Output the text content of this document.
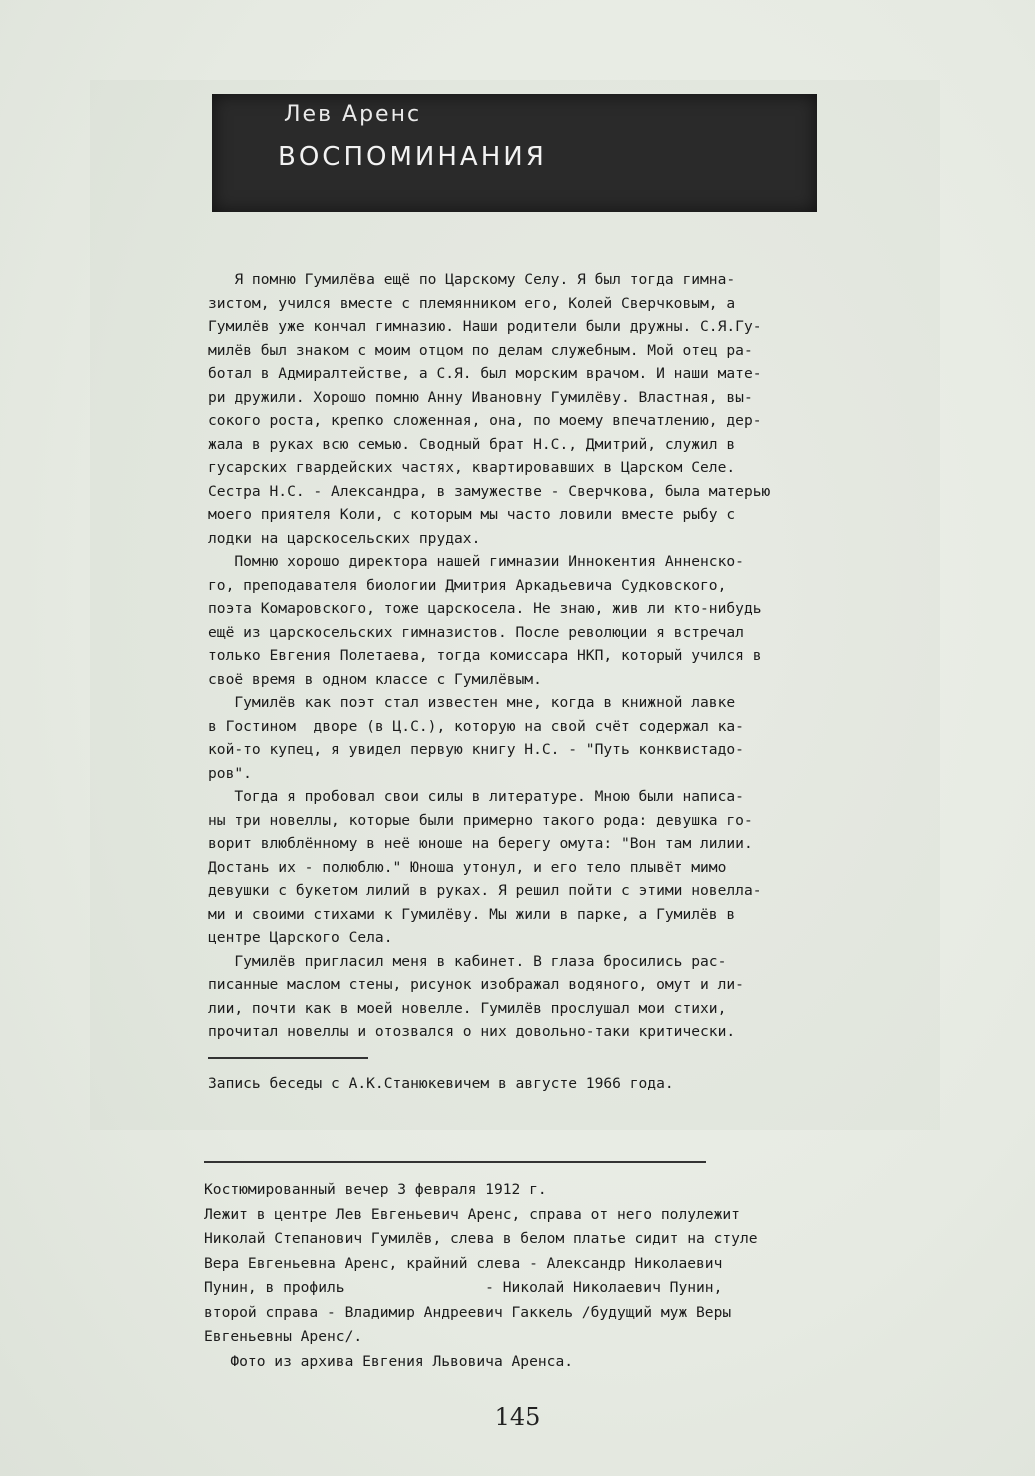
Лев Аренс
ВОСПОМИНАНИЯ
Я помню Гумилёва ещё по Царскому Селу. Я был тогда гимна-
зистом, учился вместе с племянником его, Колей Сверчковым, а
Гумилёв уже кончал гимназию. Наши родители были дружны. С.Я.Гу-
милёв был знаком с моим отцом по делам служебным. Мой отец ра-
ботал в Адмиралтействе, а С.Я. был морским врачом. И наши мате-
ри дружили. Хорошо помню Анну Ивановну Гумилёву. Властная, вы-
сокого роста, крепко сложенная, она, по моему впечатлению, дер-
жала в руках всю семью. Сводный брат Н.С., Дмитрий, служил в
гусарских гвардейских частях, квартировавших в Царском Селе.
Сестра Н.С. - Александра, в замужестве - Сверчкова, была матерью
моего приятеля Коли, с которым мы часто ловили вместе рыбу с
лодки на царскосельских прудах.
Помню хорошо директора нашей гимназии Иннокентия Анненско-
го, преподавателя биологии Дмитрия Аркадьевича Судковского,
поэта Комаровского, тоже царскосела. Не знаю, жив ли кто-нибудь
ещё из царскосельских гимназистов. После революции я встречал
только Евгения Полетаева, тогда комиссара НКП, который учился в
своё время в одном классе с Гумилёвым.
Гумилёв как поэт стал известен мне, когда в книжной лавке
в Гостином  дворе (в Ц.С.), которую на свой счёт содержал ка-
кой-то купец, я увидел первую книгу Н.С. - "Путь конквистадо-
ров".
Тогда я пробовал свои силы в литературе. Мною были написа-
ны три новеллы, которые были примерно такого рода: девушка го-
ворит влюблённому в неё юноше на берегу омута: "Вон там лилии.
Достань их - полюблю." Юноша утонул, и его тело плывёт мимо
девушки с букетом лилий в руках. Я решил пойти с этими новелла-
ми и своими стихами к Гумилёву. Мы жили в парке, а Гумилёв в
центре Царского Села.
Гумилёв пригласил меня в кабинет. В глаза бросились рас-
писанные маслом стены, рисунок изображал водяного, омут и ли-
лии, почти как в моей новелле. Гумилёв прослушал мои стихи,
прочитал новеллы и отозвался о них довольно-таки критически.
Запись беседы с А.К.Станюкевичем в августе 1966 года.
Костюмированный вечер 3 февраля 1912 г.
Лежит в центре Лев Евгеньевич Аренс, справа от него полулежит
Николай Степанович Гумилёв, слева в белом платье сидит на стуле
Вера Евгеньевна Аренс, крайний слева - Александр Николаевич
Пунин, в профиль                - Николай Николаевич Пунин,
второй справа - Владимир Андреевич Гаккель /будущий муж Веры
Евгеньевны Аренс/.
Фото из архива Евгения Львовича Аренса.
145
